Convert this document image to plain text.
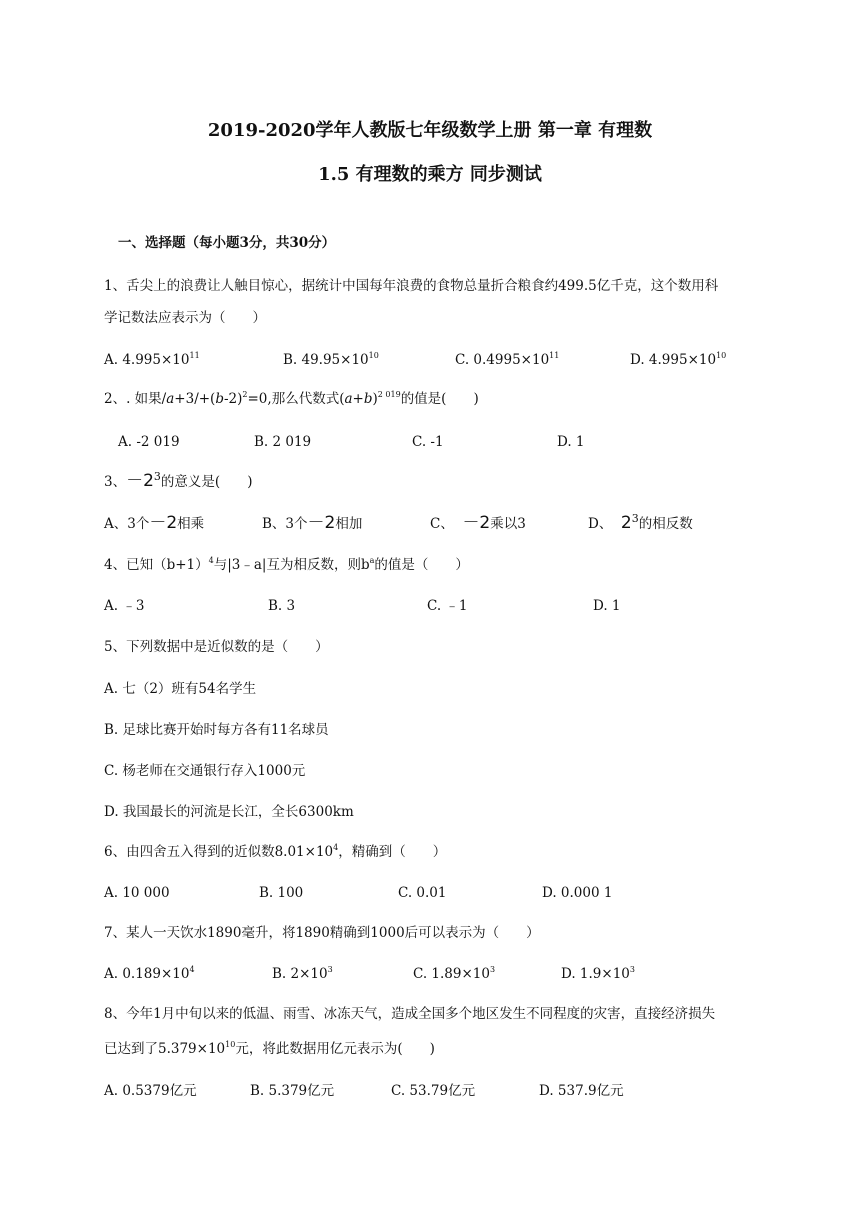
2019-2020学年人教版七年级数学上册 第一章 有理数
1.5 有理数的乘方 同步测试
一、选择题（每小题3分，共30分）
1、舌尖上的浪费让人触目惊心，据统计中国每年浪费的食物总量折合粮食约499.5亿千克，这个数用科
学记数法应表示为（　　）
A. $4.995\times 10^{11}$	B. $49.95\times 10^{10}$	C. $0.4995\times 10^{11}$	D. $4.995\times 10^{10}$
2、. 如果$/a+3/+(b-2)^2=0$,那么代数式$(a+b)^{2 019}$的值是(　　)
A. -2 019	B. 2 019	C. -1	D. 1
3、$-2^3$的意义是(　　)
A、3个－2相乘	B、3个－2相加	C、 －2乘以3	D、 $2^3$的相反数
4、已知$(b+1)^4$与|3﹣a|互为相反数，则$b^a$的值是（　　）
A. ﹣3	B. 3	C. ﹣1	D. 1
5、下列数据中是近似数的是（　　）
A. 七（2）班有54名学生
B. 足球比赛开始时每方各有11名球员
C. 杨老师在交通银行存入1000元
D. 我国最长的河流是长江，全长6300km
6、由四舍五入得到的近似数$8.01\times 10^4$，精确到（　　）
A. 10 000	B. 100	C. 0.01	D. 0.000 1
7、某人一天饮水1890毫升，将1890精确到1000后可以表示为（　　）
A. $0.189\times 10^4$	B. $2\times 10^3$	C. $1.89\times 10^3$	D. $1.9\times 10^3$
8、今年1月中旬以来的低温、雨雪、冰冻天气，造成全国多个地区发生不同程度的灾害，直接经济损失
已达到了$5.379\times 10^{10}$元，将此数据用亿元表示为(　　)
A. 0.5379亿元	B. 5.379亿元	C. 53.79亿元	D. 537.9亿元
